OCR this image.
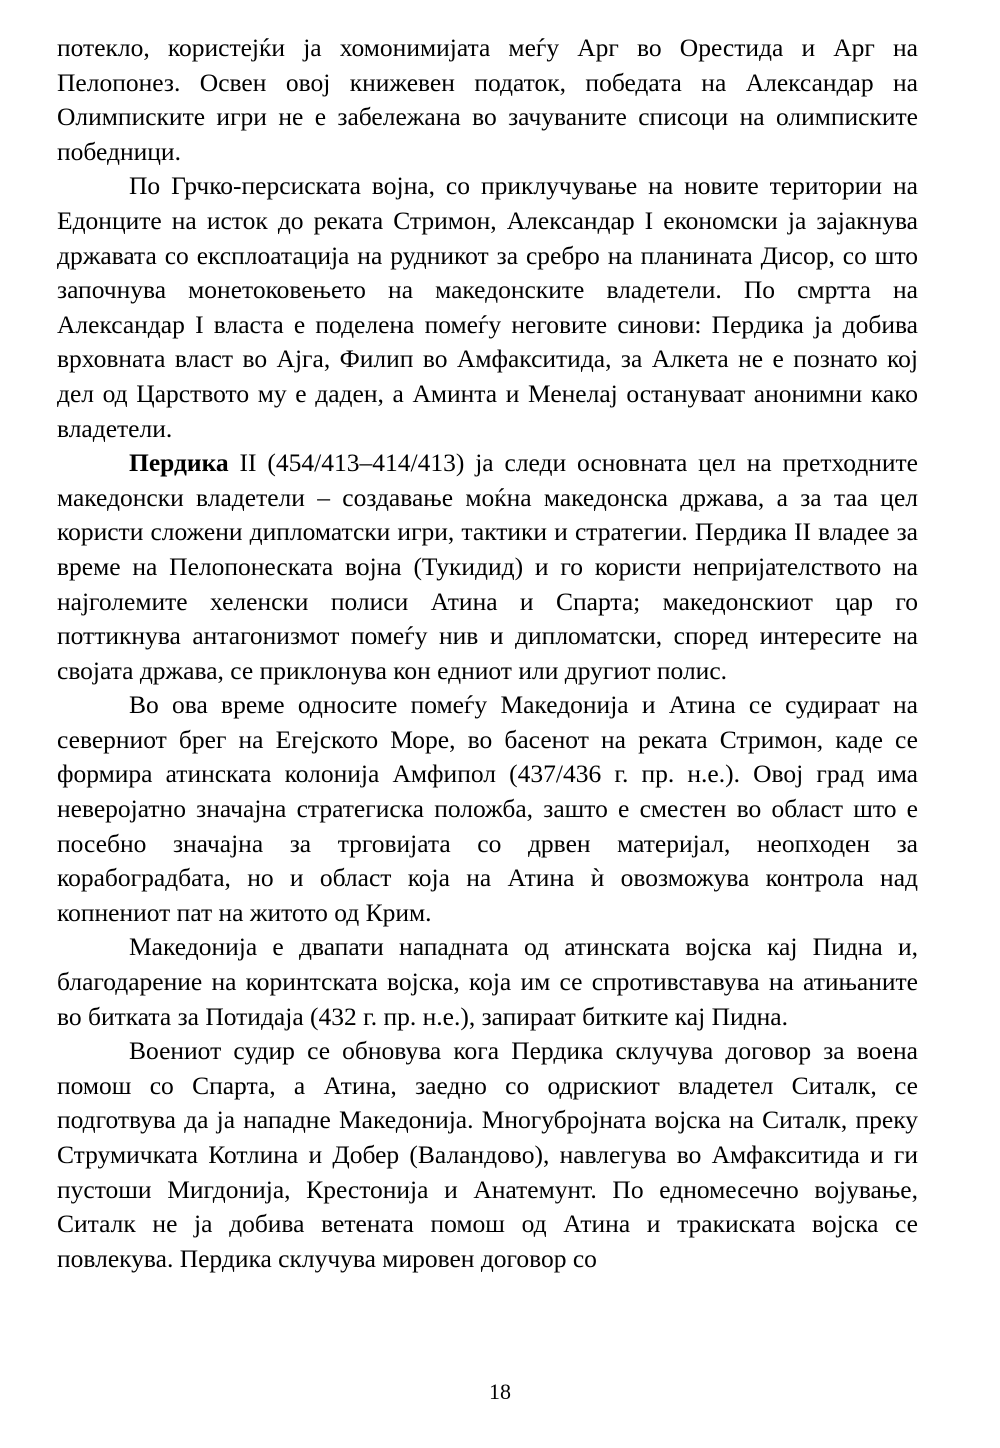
потекло, користејќи ја хомонимијата меѓу Арг во Орестида и Арг на Пелопонез. Освен овој книжевен податок, победата на Александар на Олимписките игри не е забележана во зачуваните списоци на олимписките победници.

По Грчко-персиската војна, со приклучување на новите територии на Едонците на исток до реката Стримон, Александар I економски ја зајакнува државата со експлоатација на рудникот за сребро на планината Дисор, со што започнува монетоковењето на македонските владетели. По смртта на Александар I власта е поделена помеѓу неговите синови: Пердика ја добива врховната власт во Ајга, Филип во Амфакситида, за Алкета не е познато кој дел од Царството му е даден, а Аминта и Менелај остануваат анонимни како владетели.

Пердика II (454/413–414/413) ја следи основната цел на претходните македонски владетели – создавање моќна македонска држава, а за таа цел користи сложени дипломатски игри, тактики и стратегии. Пердика II владее за време на Пелопонеската војна (Тукидид) и го користи непријателството на најголемите хеленски полиси Атина и Спарта; македонскиот цар го поттикнува антагонизмот помеѓу нив и дипломатски, според интересите на својата држава, се приклонува кон едниот или другиот полис.

Во ова време односите помеѓу Македонија и Атина се судираат на северниот брег на Егејското Море, во басенот на реката Стримон, каде се формира атинската колонија Амфипол (437/436 г. пр. н.е.). Овој град има неверојатно значајна стратегиска положба, зашто е сместен во област што е посебно значајна за трговијата со дрвен материјал, неопходен за корабоградбата, но и област која на Атина ѝ овозможува контрола над копнениот пат на житото од Крим.

Македонија е двапати нападната од атинската војска кај Пидна и, благодарение на коринтската војска, која им се спротивставува на атињаните во битката за Потидаја (432 г. пр. н.е.), запираат битките кај Пидна.

Воениот судир се обновува кога Пердика склучува договор за воена помош со Спарта, а Атина, заедно со одрискиот владетел Ситалк, се подготвува да ја нападне Македонија. Многубројната војска на Ситалк, преку Струмичката Котлина и Добер (Валандово), навлегува во Амфакситида и ги пустоши Мигдонија, Крестонија и Анатемунт. По едномесечно војување, Ситалк не ја добива ветената помош од Атина и тракиската војска се повлекува. Пердика склучува мировен договор со

18
